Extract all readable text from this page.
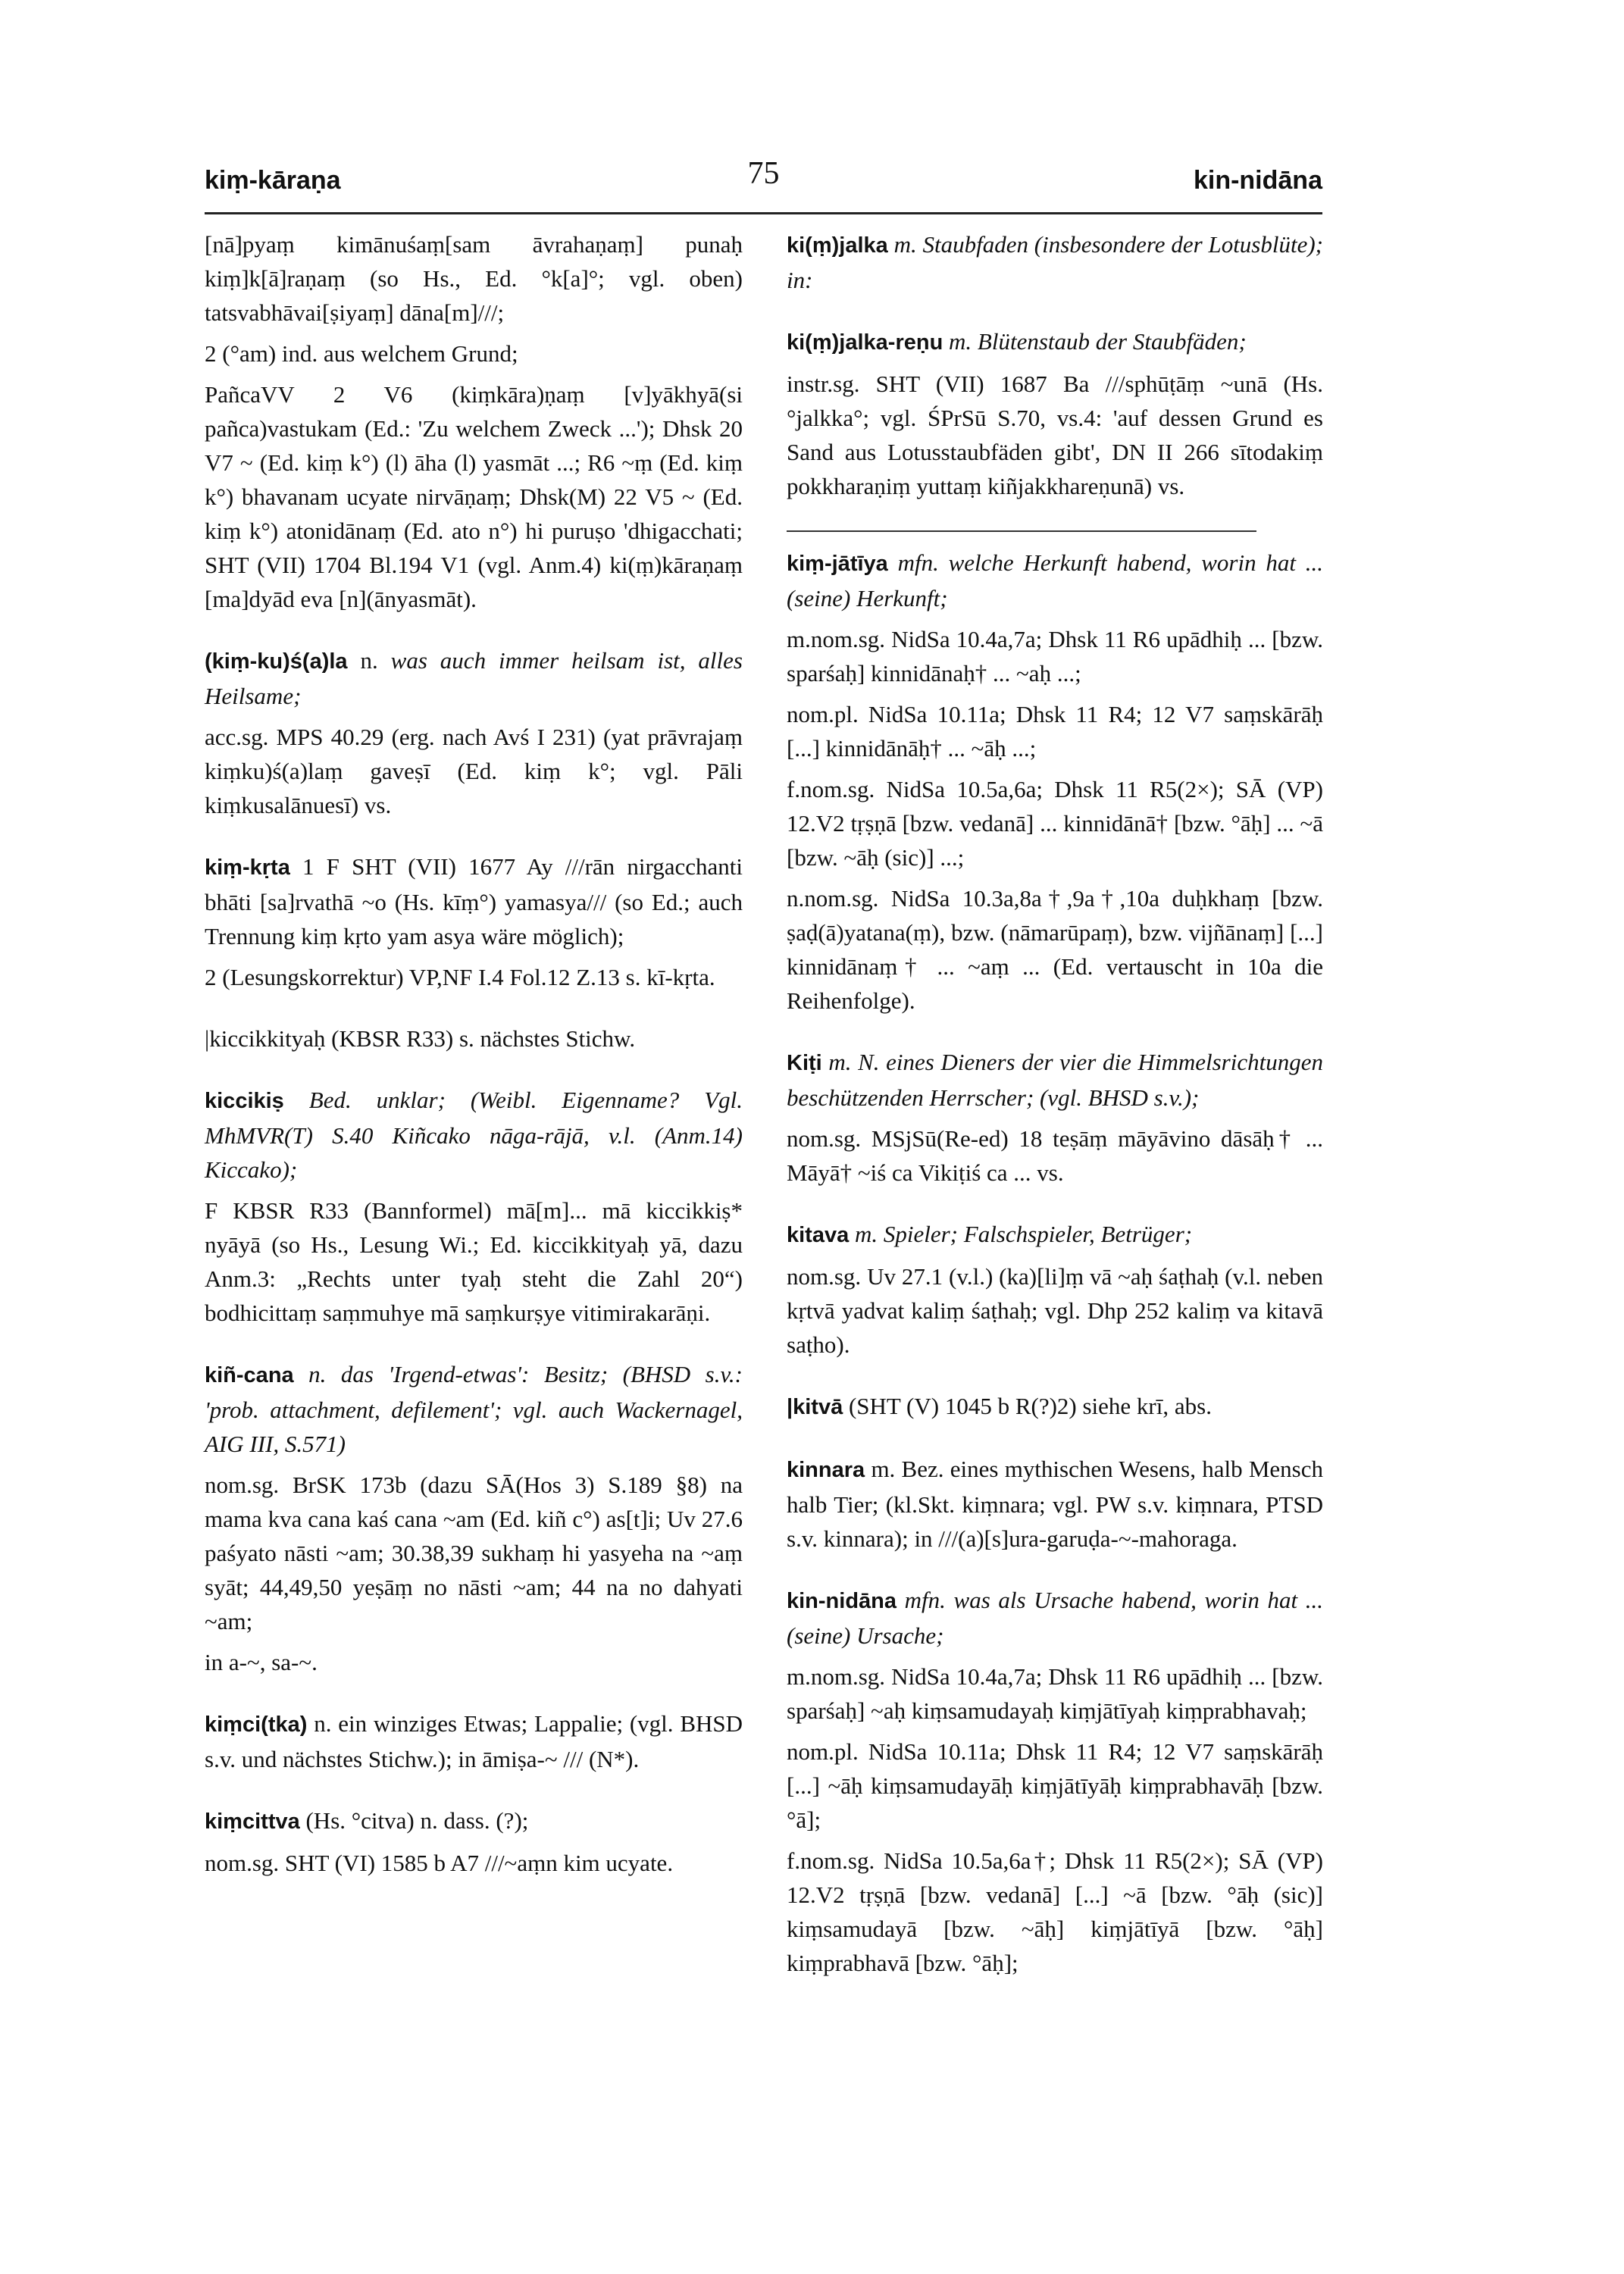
kiṃ-kāraṇa	75	kin-nidāna

[nā]pyaṃ kimānuśaṃ[sam āvrahaṇaṃ] punaḥ kiṃ]k[ā]raṇaṃ (so Hs., Ed. °k[a]°; vgl. oben) tatsvabhāvai[ṣiyaṃ] dāna[m]///;

2 (°am) ind. aus welchem Grund;

PañcaVV 2 V6 (kiṃkāra)ṇaṃ [v]yākhyā(si pañca)vastukam (Ed.: 'Zu welchem Zweck ...'); Dhsk 20 V7 ~ (Ed. kiṃ k°) (l) āha (l) yasmāt ...; R6 ~ṃ (Ed. kiṃ k°) bhavanam ucyate nirvāṇaṃ; Dhsk(M) 22 V5 ~ (Ed. kiṃ k°) atonidānaṃ (Ed. ato n°) hi puruṣo 'dhigacchati; SHT (VII) 1704 Bl.194 V1 (vgl. Anm.4) ki(ṃ)kāraṇaṃ [ma]dyād eva [n](ānyasmāt).

(kiṃ-ku)ś(a)la n. was auch immer heilsam ist, alles Heilsame;

acc.sg. MPS 40.29 (erg. nach Avś I 231) (yat prāvrajaṃ kiṃku)ś(a)laṃ gaveṣī (Ed. kiṃ k°; vgl. Pāli kiṃkusalānuesī) vs.

kiṃ-kṛta 1 F SHT (VII) 1677 Ay ///rān nirgacchanti bhāti [sa]rvathā ~o (Hs. kīṃ°) yamasya/// (so Ed.; auch Trennung kiṃ kṛto yam asya wäre möglich);

2 (Lesungskorrektur) VP,NF I.4 Fol.12 Z.13 s. kī-kṛta.

|kiccikkityaḥ (KBSR R33) s. nächstes Stichw.

kiccikiṣ Bed. unklar; (Weibl. Eigenname? Vgl. MhMVR(T) S.40 Kiñcako nāga-rājā, v.l. (Anm.14) Kiccako);

F KBSR R33 (Bannformel) mā[m]... mā kiccikkiṣ* nyāyā (so Hs., Lesung Wi.; Ed. kiccikkityaḥ yā, dazu Anm.3: „Rechts unter tyaḥ steht die Zahl 20“) bodhicittaṃ saṃmuhye mā saṃkurṣye vitimirakarāṇi.

kiñ-cana n. das 'Irgend-etwas': Besitz; (BHSD s.v.: 'prob. attachment, defilement'; vgl. auch Wackernagel, AIG III, S.571)

nom.sg. BrSK 173b (dazu SĀ(Hos 3) S.189 §8) na mama kva cana kaś cana ~am (Ed. kiñ c°) as[t]i; Uv 27.6 paśyato nāsti ~am; 30.38,39 sukhaṃ hi yasyeha na ~aṃ syāt; 44,49,50 yeṣāṃ no nāsti ~am; 44 na no dahyati ~am;

in a-~, sa-~.

kiṃci(tka) n. ein winziges Etwas; Lappalie; (vgl. BHSD s.v. und nächstes Stichw.); in āmiṣa-~ /// (N*).

kiṃcittva (Hs. °citva) n. dass. (?);

nom.sg. SHT (VI) 1585 b A7 ///~aṃn kim ucyate.

ki(ṃ)jalka m. Staubfaden (insbesondere der Lotusblüte); in:

ki(ṃ)jalka-reṇu m. Blütenstaub der Staubfäden;

instr.sg. SHT (VII) 1687 Ba ///sphūṭāṃ ~unā (Hs. °jalkka°; vgl. ŚPrSū S.70, vs.4: 'auf dessen Grund es Sand aus Lotusstaubfäden gibt', DN II 266 sītodakiṃ pokkharaṇiṃ yuttaṃ kiñjakkhareṇunā) vs.

kiṃ-jātīya mfn. welche Herkunft habend, worin hat ... (seine) Herkunft;

m.nom.sg. NidSa 10.4a,7a; Dhsk 11 R6 upādhiḥ ... [bzw. sparśaḥ] kinnidānaḥ† ... ~aḥ ...;

nom.pl. NidSa 10.11a; Dhsk 11 R4; 12 V7 saṃskārāḥ [...] kinnidānāḥ† ... ~āḥ ...;

f.nom.sg. NidSa 10.5a,6a; Dhsk 11 R5(2×); SĀ (VP) 12.V2 tṛṣṇā [bzw. vedanā] ... kinnidānā† [bzw. °āḥ] ... ~ā [bzw. ~āḥ (sic)] ...;

n.nom.sg. NidSa 10.3a,8a†,9a†,10a duḥkhaṃ [bzw. ṣaḍ(ā)yatana(ṃ), bzw. (nāmarūpaṃ), bzw. vijñānaṃ] [...] kinnidānaṃ† ... ~aṃ ... (Ed. vertauscht in 10a die Reihenfolge).

Kiṭi m. N. eines Dieners der vier die Himmelsrichtungen beschützenden Herrscher; (vgl. BHSD s.v.);

nom.sg. MSjSū(Re-ed) 18 teṣāṃ māyāvino dāsāḥ† ... Māyā† ~iś ca Vikiṭiś ca ... vs.

kitava m. Spieler; Falschspieler, Betrüger;

nom.sg. Uv 27.1 (v.l.) (ka)[li]ṃ vā ~aḥ śaṭhaḥ (v.l. neben kṛtvā yadvat kaliṃ śaṭhaḥ; vgl. Dhp 252 kaliṃ va kitavā saṭho).

|kitvā (SHT (V) 1045 b R(?)2) siehe krī, abs.

kinnara m. Bez. eines mythischen Wesens, halb Mensch halb Tier; (kl.Skt. kiṃnara; vgl. PW s.v. kiṃnara, PTSD s.v. kinnara); in ///(a)[s]ura-garuḍa-~-mahoraga.

kin-nidāna mfn. was als Ursache habend, worin hat ... (seine) Ursache;

m.nom.sg. NidSa 10.4a,7a; Dhsk 11 R6 upādhiḥ ... [bzw. sparśaḥ] ~aḥ kiṃsamudayaḥ kiṃjātīyaḥ kiṃprabhavaḥ;

nom.pl. NidSa 10.11a; Dhsk 11 R4; 12 V7 saṃskārāḥ [...] ~āḥ kiṃsamudayāḥ kiṃjātīyāḥ kiṃprabhavāḥ [bzw. °ā];

f.nom.sg. NidSa 10.5a,6a†; Dhsk 11 R5(2×); SĀ (VP) 12.V2 tṛṣṇā [bzw. vedanā] [...] ~ā [bzw. °āḥ (sic)] kiṃsamudayā [bzw. ~āḥ] kiṃjātīyā [bzw. °āḥ] kiṃprabhavā [bzw. °āḥ];
